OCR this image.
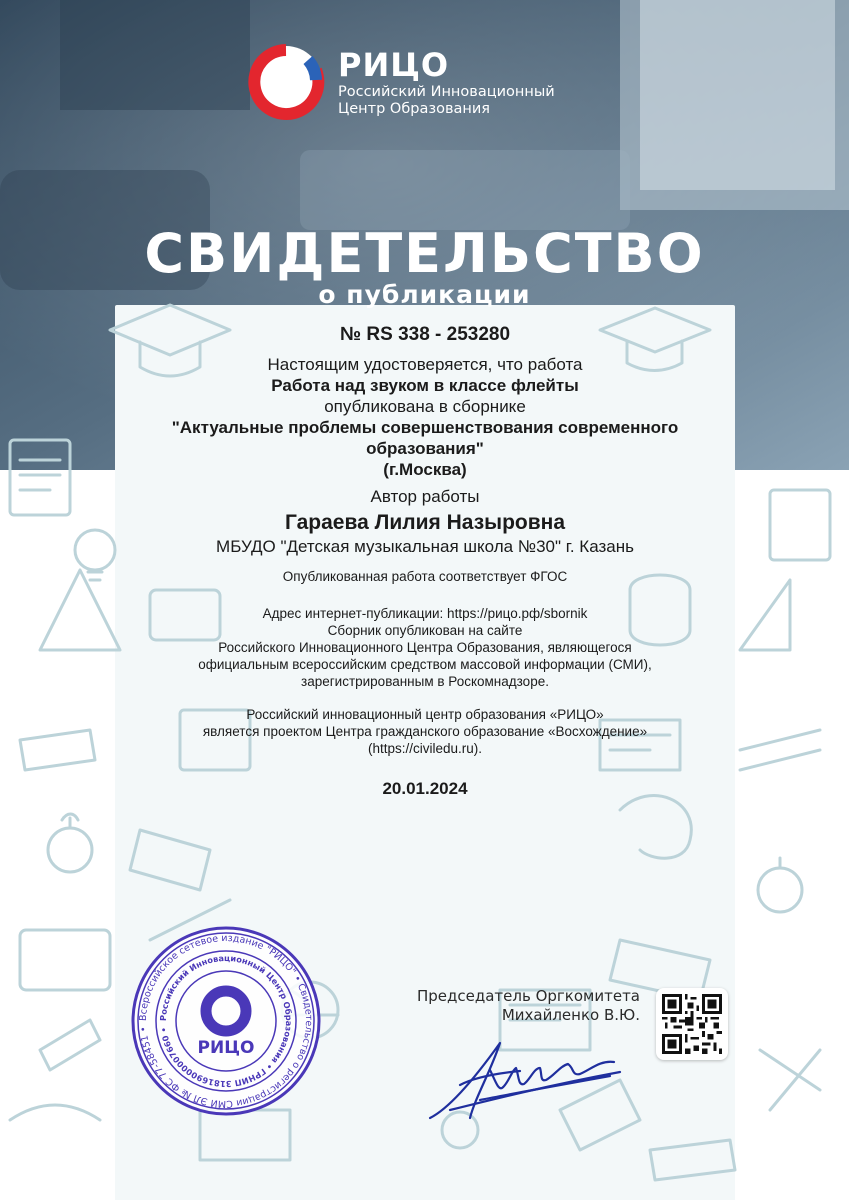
РИЦО
Российский Инновационный
Центр Образования
СВИДЕТЕЛЬСТВО
о публикации
№ RS 338 - 253280
Настоящим удостоверяется, что работа
Работа над звуком в классе флейты
опубликована в сборнике
"Актуальные проблемы совершенствования современного
образования"
(г.Москва)
Автор работы
Гараева Лилия Назыровна
МБУДО "Детская музыкальная школа №30" г. Казань
Опубликованная работа соответствует ФГОС
Адрес интернет-публикации: https://рицо.рф/sbornik
Сборник опубликован на сайте
Российского Инновационного Центра Образования, являющегося
официальным всероссийским средством массовой информации (СМИ),
зарегистрированным в Роскомнадзоре.
Российский инновационный центр образования «РИЦО»
является проектом Центра гражданского образование «Восхождение»
(https://civiledu.ru).
20.01.2024
Всероссийское сетевое издание "РИЦО" • Свидетельство о регистрации СМИ ЭЛ № ФС 77-58451 •
Российский Инновационный Центр Образования • ГРНИП 318169000007660 •
РИЦО
Председатель Оргкомитета
Михайленко В.Ю.
